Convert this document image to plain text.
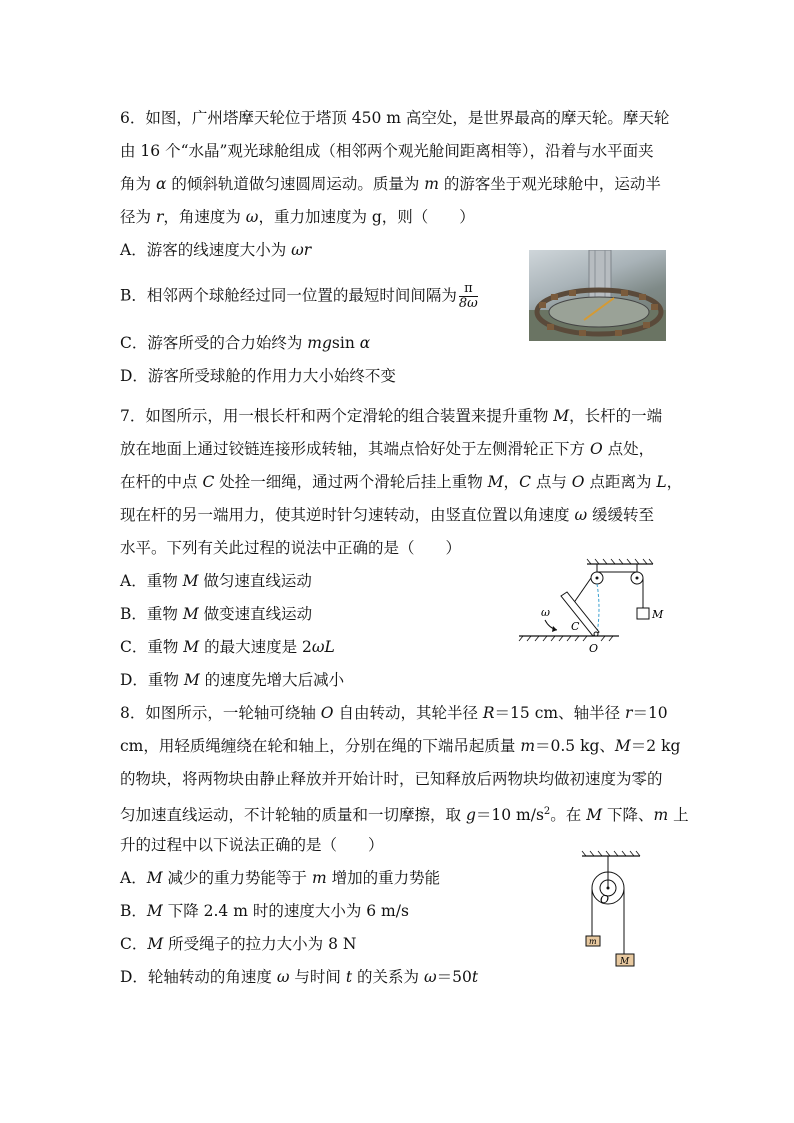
6．如图，广州塔摩天轮位于塔顶 450 m 高空处，是世界最高的摩天轮。摩天轮
由 16 个“水晶”观光球舱组成（相邻两个观光舱间距离相等），沿着与水平面夹
角为 α 的倾斜轨道做匀速圆周运动。质量为 m 的游客坐于观光球舱中，运动半
径为 r，角速度为 ω，重力加速度为 g，则（　　）
A．游客的线速度大小为 ωr
B．相邻两个球舱经过同一位置的最短时间间隔为 $\frac{\pi}{8\omega}$
C．游客所受的合力始终为 mgsin α
D．游客所受球舱的作用力大小始终不变
7．如图所示，用一根长杆和两个定滑轮的组合装置来提升重物 M，长杆的一端
放在地面上通过铰链连接形成转轴，其端点恰好处于左侧滑轮正下方 O 点处，
在杆的中点 C 处拴一细绳，通过两个滑轮后挂上重物 M，C 点与 O 点距离为 L，
现在杆的另一端用力，使其逆时针匀速转动，由竖直位置以角速度 ω 缓缓转至
水平。下列有关此过程的说法中正确的是（　　）
A．重物 M 做匀速直线运动
B．重物 M 做变速直线运动
C．重物 M 的最大速度是 2ωL
D．重物 M 的速度先增大后减小
M
C
ω
O
8．如图所示，一轮轴可绕轴 O 自由转动，其轮半径 R＝15 cm、轴半径 r＝10
cm，用轻质绳缠绕在轮和轴上，分别在绳的下端吊起质量 m＝0.5 kg、M＝2 kg
的物块，将两物块由静止释放并开始计时，已知释放后两物块均做初速度为零的
匀加速直线运动，不计轮轴的质量和一切摩擦，取 g＝10 $m/s^2$。在 M 下降、m 上
升的过程中以下说法正确的是（　　）
A．M 减少的重力势能等于 m 增加的重力势能
B．M 下降 2.4 m 时的速度大小为 6 m/s
C．M 所受绳子的拉力大小为 8 N
D．轮轴转动的角速度 ω 与时间 t 的关系为 ω＝50t
O
m
M
